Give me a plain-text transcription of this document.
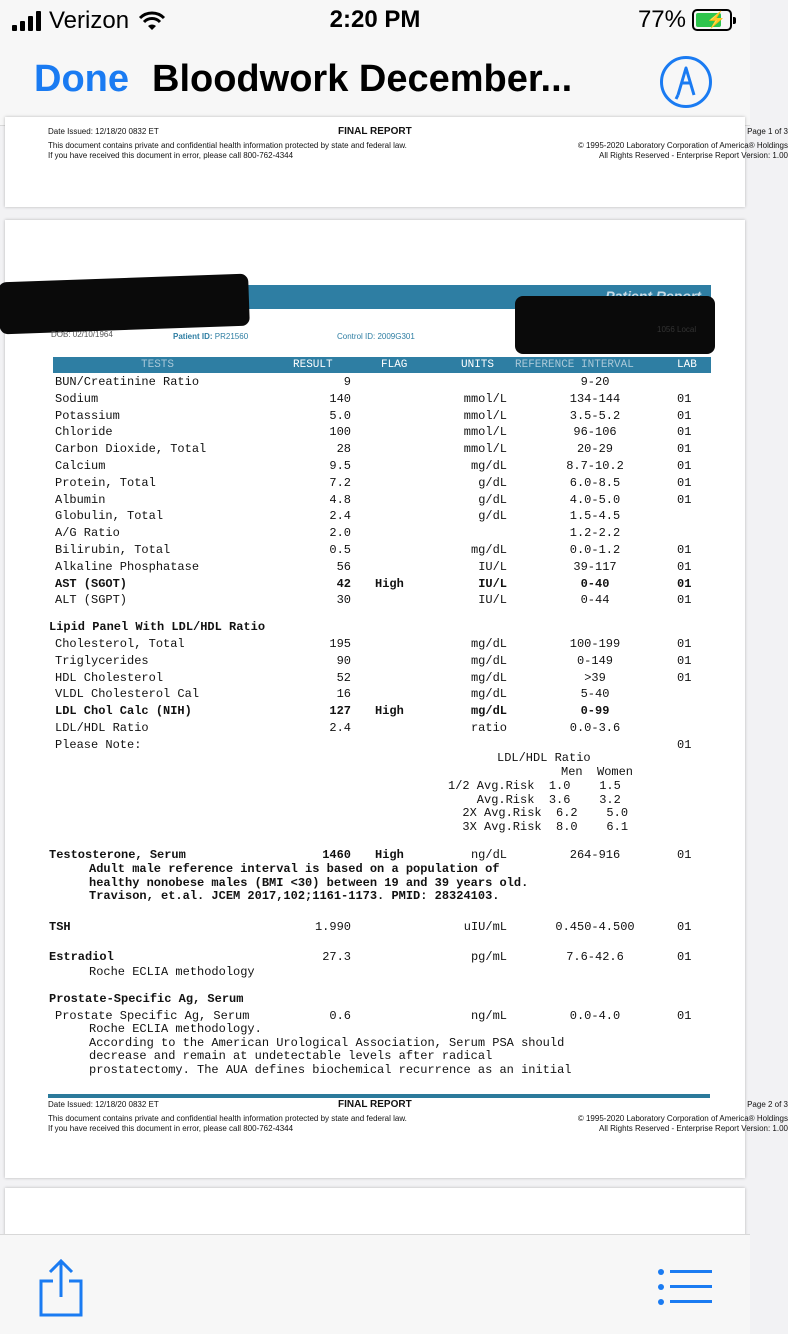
Verizon	2:20 PM	77% ⚡
Done Bloodwork December...
Date Issued: 12/18/20 0832 ET	FINAL REPORT	Page 1 of 3
This document contains private and confidential health information protected by state and federal law.	© 1995-2020 Laboratory Corporation of America® Holdings
If you have received this document in error, please call 800-762-4344	All Rights Reserved - Enterprise Report Version: 1.00
DOB: 02/10/1964	Patient ID: PR21560	Control ID: 2009G301
1056 Local
TESTS	RESULT	FLAG	UNITS REFERENCE INTERVAL	LAB
BUN/Creatinine Ratio	9	9-20
Sodium	140	mmol/L	134-144	01
Potassium	5.0	mmol/L	3.5-5.2	01
Chloride	100	mmol/L	96-106	01
Carbon Dioxide, Total	28	mmol/L	20-29	01
Calcium	9.5	mg/dL	8.7-10.2	01
Protein, Total	7.2	g/dL	6.0-8.5	01
Albumin	4.8	g/dL	4.0-5.0	01
Globulin, Total	2.4	g/dL	1.5-4.5
A/G Ratio	2.0	1.2-2.2
Bilirubin, Total	0.5	mg/dL	0.0-1.2	01
Alkaline Phosphatase	56	IU/L	39-117	01
AST (SGOT)	42 High	IU/L	0-40	01
ALT (SGPT)	30	IU/L	0-44	01
Lipid Panel With LDL/HDL Ratio
Cholesterol, Total	195	mg/dL	100-199	01
Triglycerides	90	mg/dL	0-149	01
HDL Cholesterol	52	mg/dL	>39	01
VLDL Cholesterol Cal	16	mg/dL	5-40
LDL Chol Calc (NIH)	127 High	mg/dL	0-99
LDL/HDL Ratio	2.4	ratio	0.0-3.6
Please Note:	01
LDL/HDL Ratio
Men  Women
1/2 Avg.Risk  1.0    1.5
Avg.Risk  3.6    3.2
2X Avg.Risk  6.2    5.0
3X Avg.Risk  8.0    6.1
Testosterone, Serum	1460 High	ng/dL	264-916	01
Adult male reference interval is based on a population of
healthy nonobese males (BMI <30) between 19 and 39 years old.
Travison, et.al. JCEM 2017,102;1161-1173. PMID: 28324103.
TSH	1.990	uIU/mL	0.450-4.500	01
Estradiol	27.3	pg/mL	7.6-42.6	01
Roche ECLIA methodology
Prostate-Specific Ag, Serum
Prostate Specific Ag, Serum	0.6	ng/mL	0.0-4.0	01
Roche ECLIA methodology.
According to the American Urological Association, Serum PSA should
decrease and remain at undetectable levels after radical
prostatectomy. The AUA defines biochemical recurrence as an initial
Date Issued: 12/18/20 0832 ET	FINAL REPORT	Page 2 of 3
This document contains private and confidential health information protected by state and federal law.	© 1995-2020 Laboratory Corporation of America® Holdings
If you have received this document in error, please call 800-762-4344	All Rights Reserved - Enterprise Report Version: 1.00
